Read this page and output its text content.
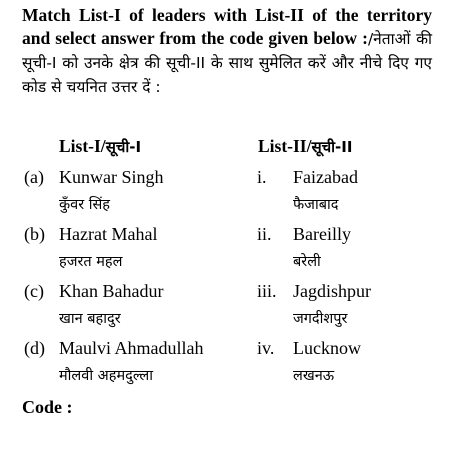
Match List-I of leaders with List-II of the territory and select answer from the code given below :/नेताओं की सूची-I को उनके क्षेत्र की सूची-II के साथ सुमेलित करें और नीचे दिए गए कोड से चयनित उत्तर दें :
List-I/सूची-I	List-II/सूची-II
(a) Kunwar Singh
कुँवर सिंह
i. Faizabad
फैजाबाद
(b) Hazrat Mahal
हजरत महल
ii. Bareilly
बरेली
(c) Khan Bahadur
खान बहादुर
iii. Jagdishpur
जगदीशपुर
(d) Maulvi Ahmadullah
मौलवी अहमदुल्ला
iv. Lucknow
लखनऊ
Code :
